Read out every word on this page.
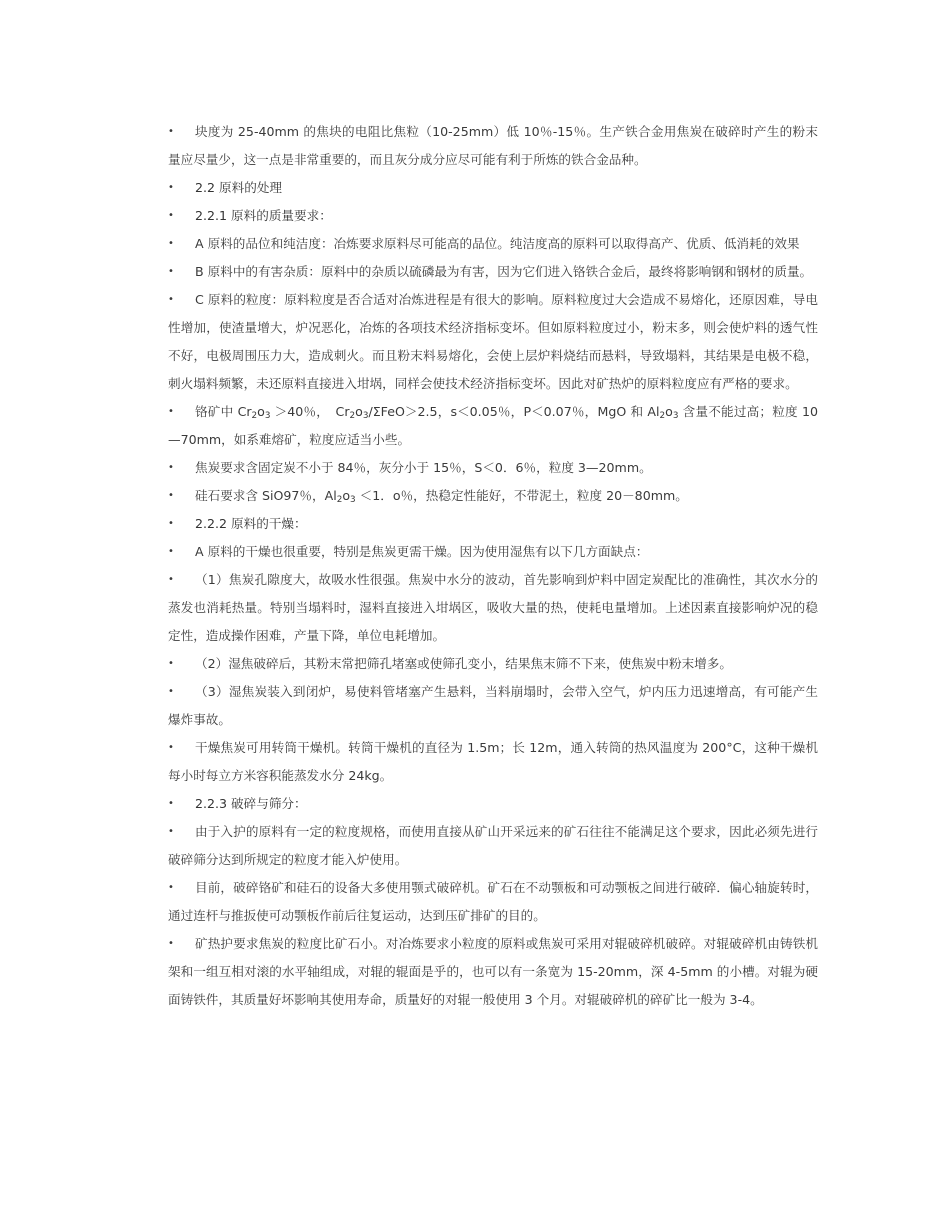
• 块度为 25-40mm 的焦块的电阻比焦粒（10-25mm）低 10％-15％。生产铁合金用焦炭在破碎时产生的粉末量应尽量少，这一点是非常重要的，而且灰分成分应尽可能有利于所炼的铁合金品种。

• 2.2 原料的处理

• 2.2.1 原料的质量要求：

• A 原料的品位和纯洁度：冶炼要求原料尽可能高的品位。纯洁度高的原料可以取得高产、优质、低消耗的效果

• B 原料中的有害杂质：原料中的杂质以硫磷最为有害，因为它们进入铬铁合金后，最终将影响钢和钢材的质量。

• C 原料的粒度：原料粒度是否合适对冶炼进程是有很大的影响。原料粒度过大会造成不易熔化，还原因难，导电性增加，使渣量增大，炉况恶化，冶炼的各项技术经济指标变坏。但如原料粒度过小，粉末多，则会使炉料的透气性不好，电极周围压力大，造成刺火。而且粉末料易熔化，会使上层炉料烧结而悬料，导致塌料，其结果是电极不稳，刺火塌料频繁，未还原料直接进入坩埚，同样会使技术经济指标变坏。因此对矿热炉的原料粒度应有严格的要求。

• 铬矿中 $Cr_2o_3 >40$％，　$Cr_2o_3/\Sigma FeO>2.5$，s＜0.05％，P＜0.07％，MgO 和 $Al_2o_3$ 含量不能过高；粒度 10—70mm，如系难熔矿，粒度应适当小些。

• 焦炭要求含固定炭不小于 84％，灰分小于 15％，S＜0．6％，粒度 3—20mm。

• 硅石要求含 SiO97％，$Al_2o_3 <1$．o％，热稳定性能好，不带泥土，粒度 20－80mm。

• 2.2.2 原料的干燥：

• A 原料的干燥也很重要，特别是焦炭更需干燥。因为使用湿焦有以下几方面缺点：

• （1）焦炭孔隙度大，故吸水性很强。焦炭中水分的波动，首先影响到炉料中固定炭配比的准确性，其次水分的蒸发也消耗热量。特别当塌料时，湿料直接进入坩埚区，吸收大量的热，使耗电量增加。上述因素直接影响炉况的稳定性，造成操作困难，产量下降，单位电耗增加。

• （2）湿焦破碎后，其粉末常把筛孔堵塞或使筛孔变小，结果焦末筛不下来，使焦炭中粉末增多。

• （3）湿焦炭装入到闭炉，易使料管堵塞产生悬料，当料崩塌时，会带入空气，炉内压力迅速增高，有可能产生爆炸事故。

• 干燥焦炭可用转筒干燥机。转筒干燥机的直径为 1.5m；长 12m，通入转筒的热风温度为 200°C，这种干燥机每小时每立方米容积能蒸发水分 24kg。

• 2.2.3 破碎与筛分：

• 由于入护的原料有一定的粒度规格，而使用直接从矿山开采远来的矿石往往不能满足这个要求，因此必须先进行破碎筛分达到所规定的粒度才能入炉使用。

• 目前，破碎铬矿和硅石的设备大多使用颚式破碎机。矿石在不动颚板和可动颚板之间进行破碎．偏心轴旋转时，通过连杆与推扳使可动颚板作前后往复运动，达到压矿排矿的目的。

• 矿热护要求焦炭的粒度比矿石小。对冶炼要求小粒度的原料或焦炭可采用对辊破碎机破碎。对辊破碎机由铸铁机架和一组互相对滚的水平轴组成，对辊的辊面是乎的，也可以有一条宽为 15-20mm，深 4-5mm 的小槽。对辊为硬面铸铁件，其质量好坏影响其使用寿命，质量好的对辊一般使用 3 个月。对辊破碎机的碎矿比一般为 3-4。
